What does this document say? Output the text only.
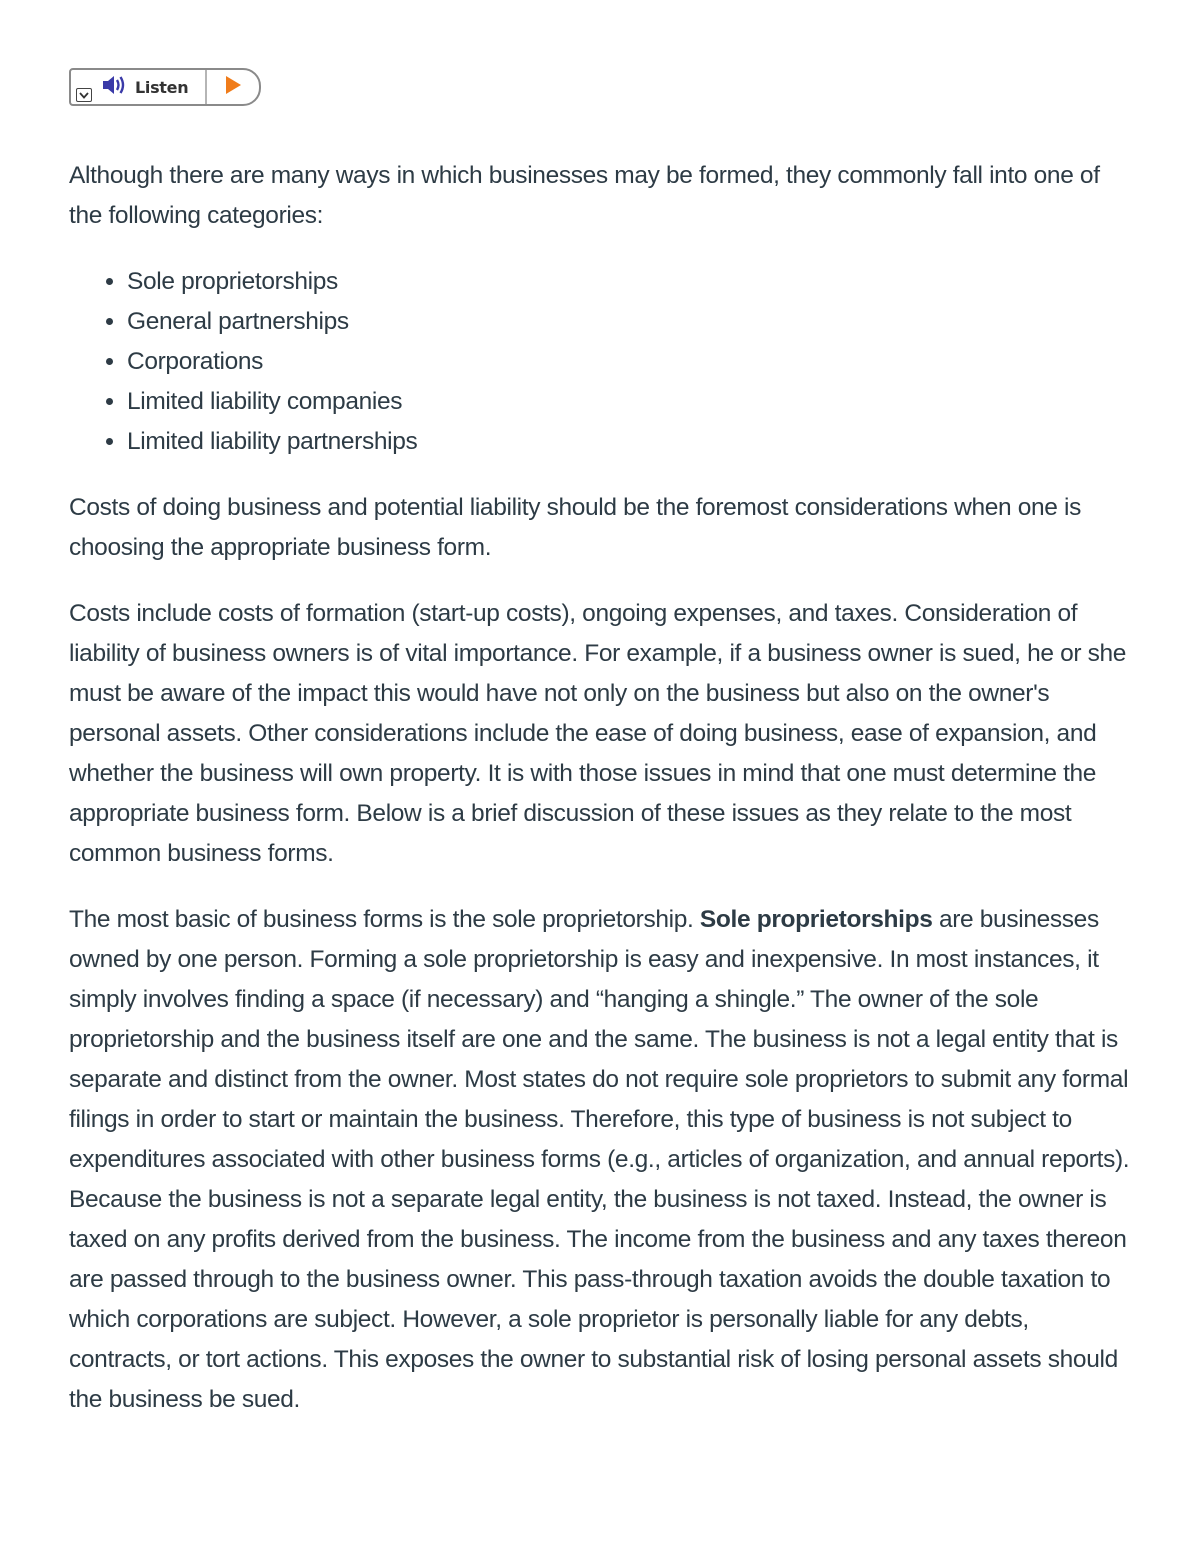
Listen

Although there are many ways in which businesses may be formed, they commonly fall into one of the following categories:

• Sole proprietorships
• General partnerships
• Corporations
• Limited liability companies
• Limited liability partnerships

Costs of doing business and potential liability should be the foremost considerations when one is choosing the appropriate business form.

Costs include costs of formation (start-up costs), ongoing expenses, and taxes. Consideration of liability of business owners is of vital importance. For example, if a business owner is sued, he or she must be aware of the impact this would have not only on the business but also on the owner's personal assets. Other considerations include the ease of doing business, ease of expansion, and whether the business will own property. It is with those issues in mind that one must determine the appropriate business form. Below is a brief discussion of these issues as they relate to the most common business forms.

The most basic of business forms is the sole proprietorship. Sole proprietorships are businesses owned by one person. Forming a sole proprietorship is easy and inexpensive. In most instances, it simply involves finding a space (if necessary) and “hanging a shingle.” The owner of the sole proprietorship and the business itself are one and the same. The business is not a legal entity that is separate and distinct from the owner. Most states do not require sole proprietors to submit any formal filings in order to start or maintain the business. Therefore, this type of business is not subject to expenditures associated with other business forms (e.g., articles of organization, and annual reports). Because the business is not a separate legal entity, the business is not taxed. Instead, the owner is taxed on any profits derived from the business. The income from the business and any taxes thereon are passed through to the business owner. This pass-through taxation avoids the double taxation to which corporations are subject. However, a sole proprietor is personally liable for any debts, contracts, or tort actions. This exposes the owner to substantial risk of losing personal assets should the business be sued.
